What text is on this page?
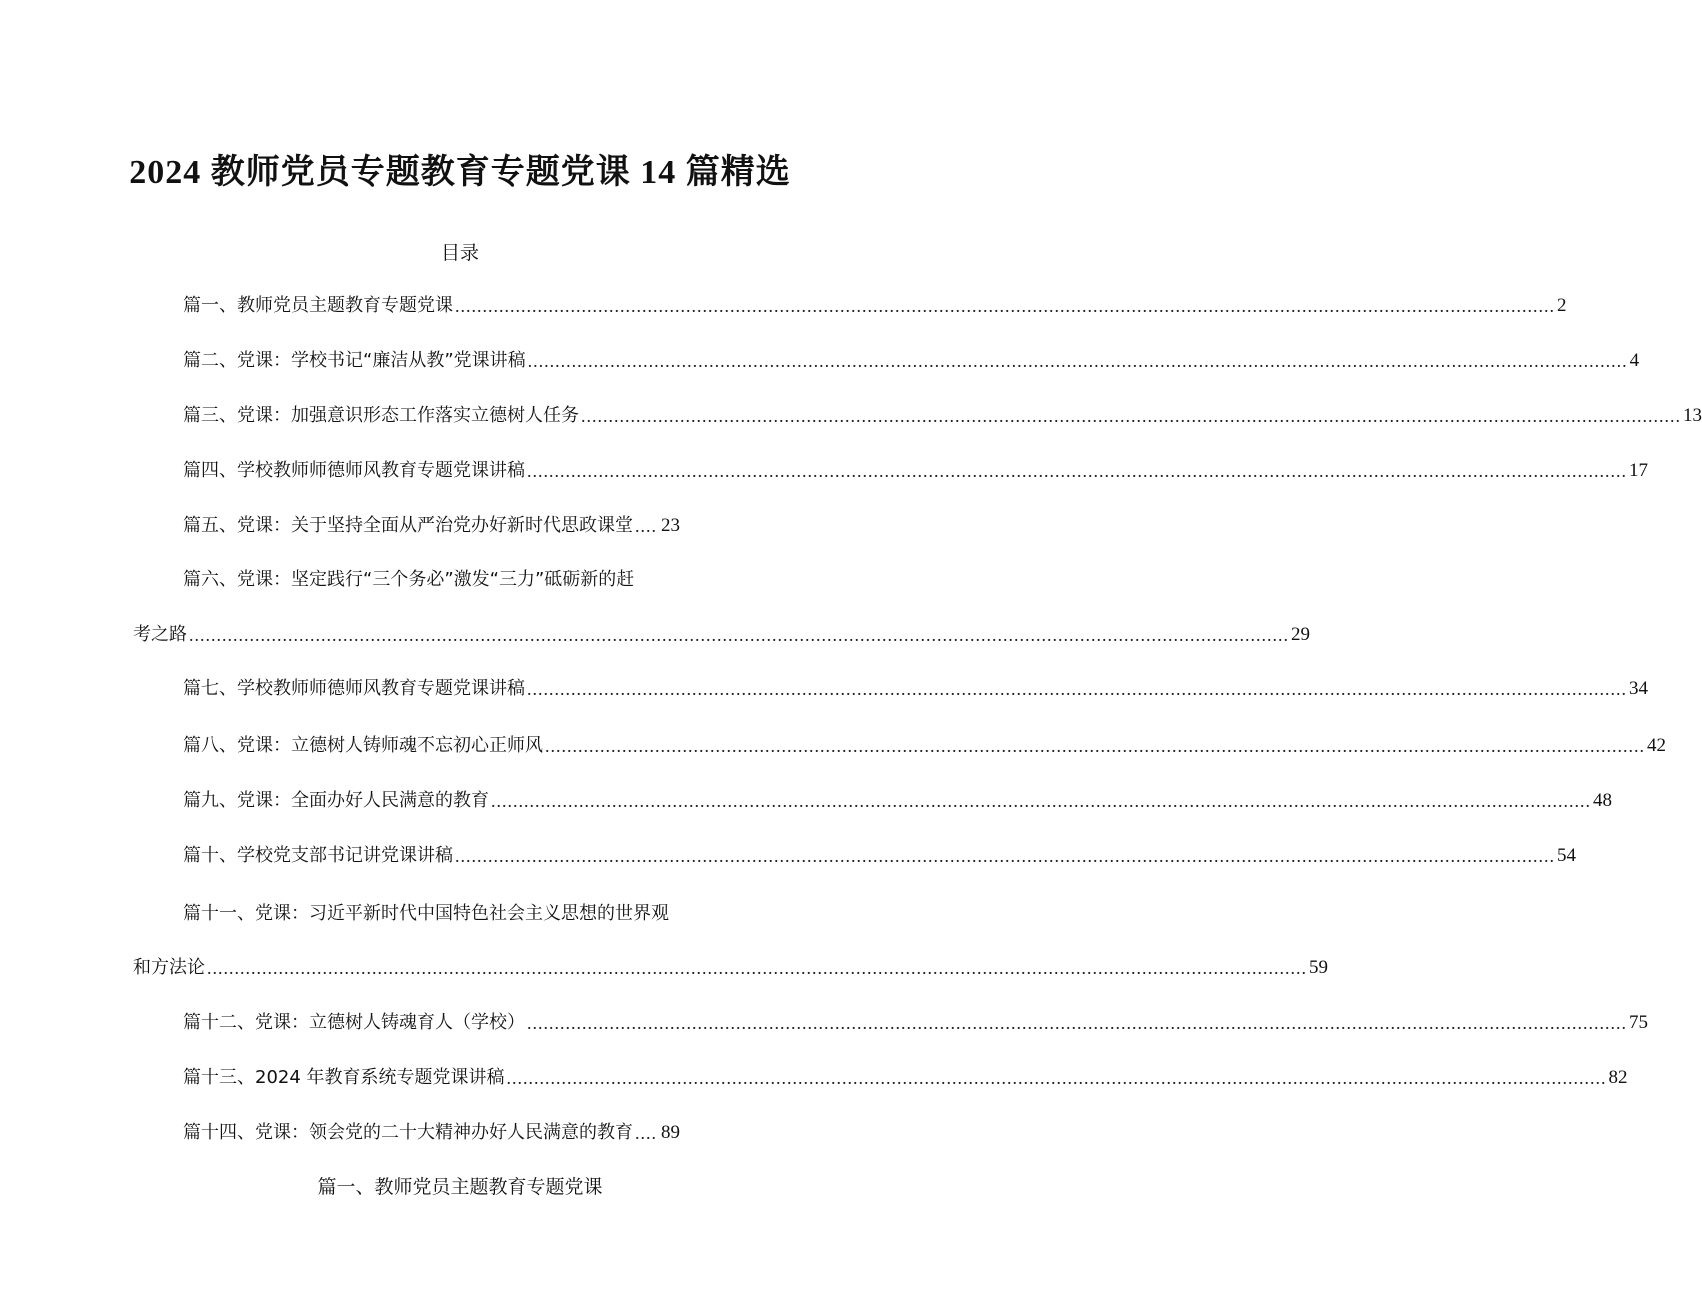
2024 教师党员专题教育专题党课 14 篇精选
目录
篇一、教师党员主题教育专题党课 ........................................................................................................................................................................................................ 2
篇二、党课：学校书记“廉洁从教”党课讲稿 ........................................................................................................................................................................................................ 4
篇三、党课：加强意识形态工作落实立德树人任务 ........................................................................................................................................................................................................ 13
篇四、学校教师师德师风教育专题党课讲稿 ........................................................................................................................................................................................................ 17
篇五、党课：关于坚持全面从严治党办好新时代思政课堂 .... 23
篇六、党课：坚定践行“三个务必”激发“三力”砥砺新的赶
考之路 ........................................................................................................................................................................................................ 29
篇七、学校教师师德师风教育专题党课讲稿 ........................................................................................................................................................................................................ 34
篇八、党课：立德树人铸师魂不忘初心正师风 ........................................................................................................................................................................................................ 42
篇九、党课：全面办好人民满意的教育 ........................................................................................................................................................................................................ 48
篇十、学校党支部书记讲党课讲稿 ........................................................................................................................................................................................................ 54
篇十一、党课：习近平新时代中国特色社会主义思想的世界观
和方法论 ........................................................................................................................................................................................................ 59
篇十二、党课：立德树人铸魂育人（学校） ........................................................................................................................................................................................................ 75
篇十三、2024 年教育系统专题党课讲稿 ........................................................................................................................................................................................................ 82
篇十四、党课：领会党的二十大精神办好人民满意的教育 .... 89
篇一、教师党员主题教育专题党课
